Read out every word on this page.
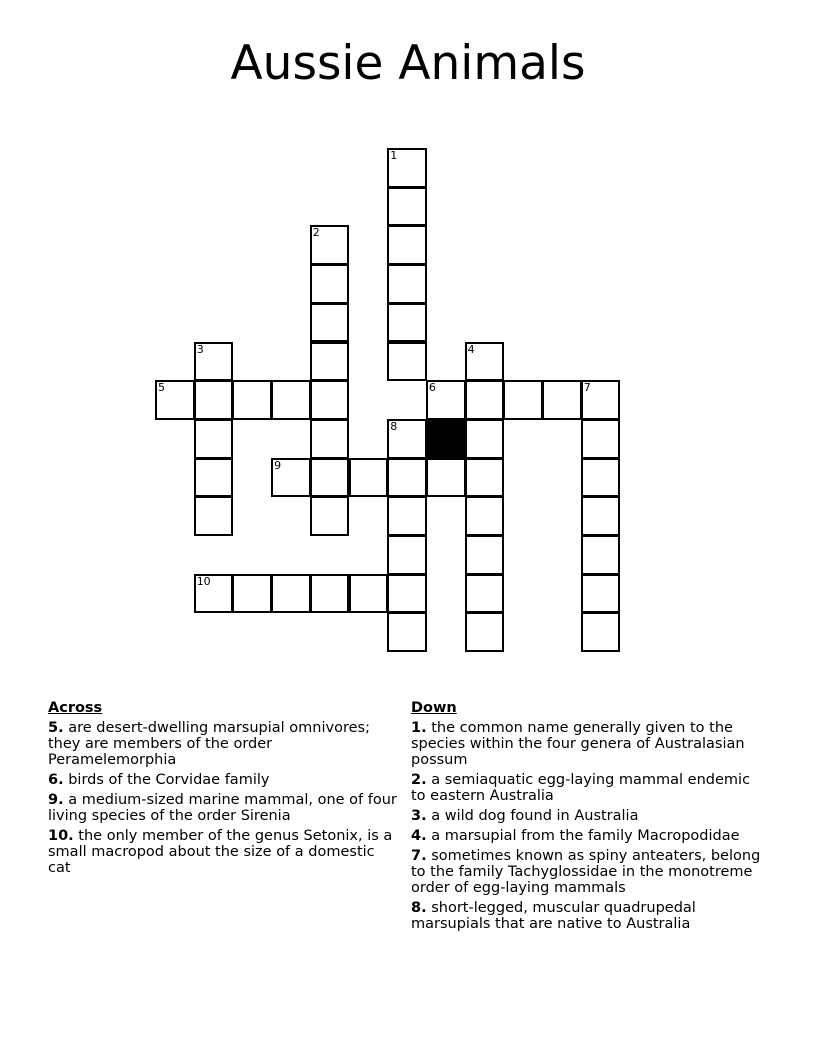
Aussie Animals
1
2
3	4
5	6	7
8
9
10
Across
5. are desert-dwelling marsupial omnivores; they are members of the order Peramelemorphia
6. birds of the Corvidae family
9. a medium-sized marine mammal, one of four living species of the order Sirenia
10. the only member of the genus Setonix, is a small macropod about the size of a domestic cat
Down
1. the common name generally given to the species within the four genera of Australasian possum
2. a semiaquatic egg-laying mammal endemic to eastern Australia
3. a wild dog found in Australia
4. a marsupial from the family Macropodidae
7. sometimes known as spiny anteaters, belong to the family Tachyglossidae in the monotreme order of egg-laying mammals
8. short-legged, muscular quadrupedal marsupials that are native to Australia
